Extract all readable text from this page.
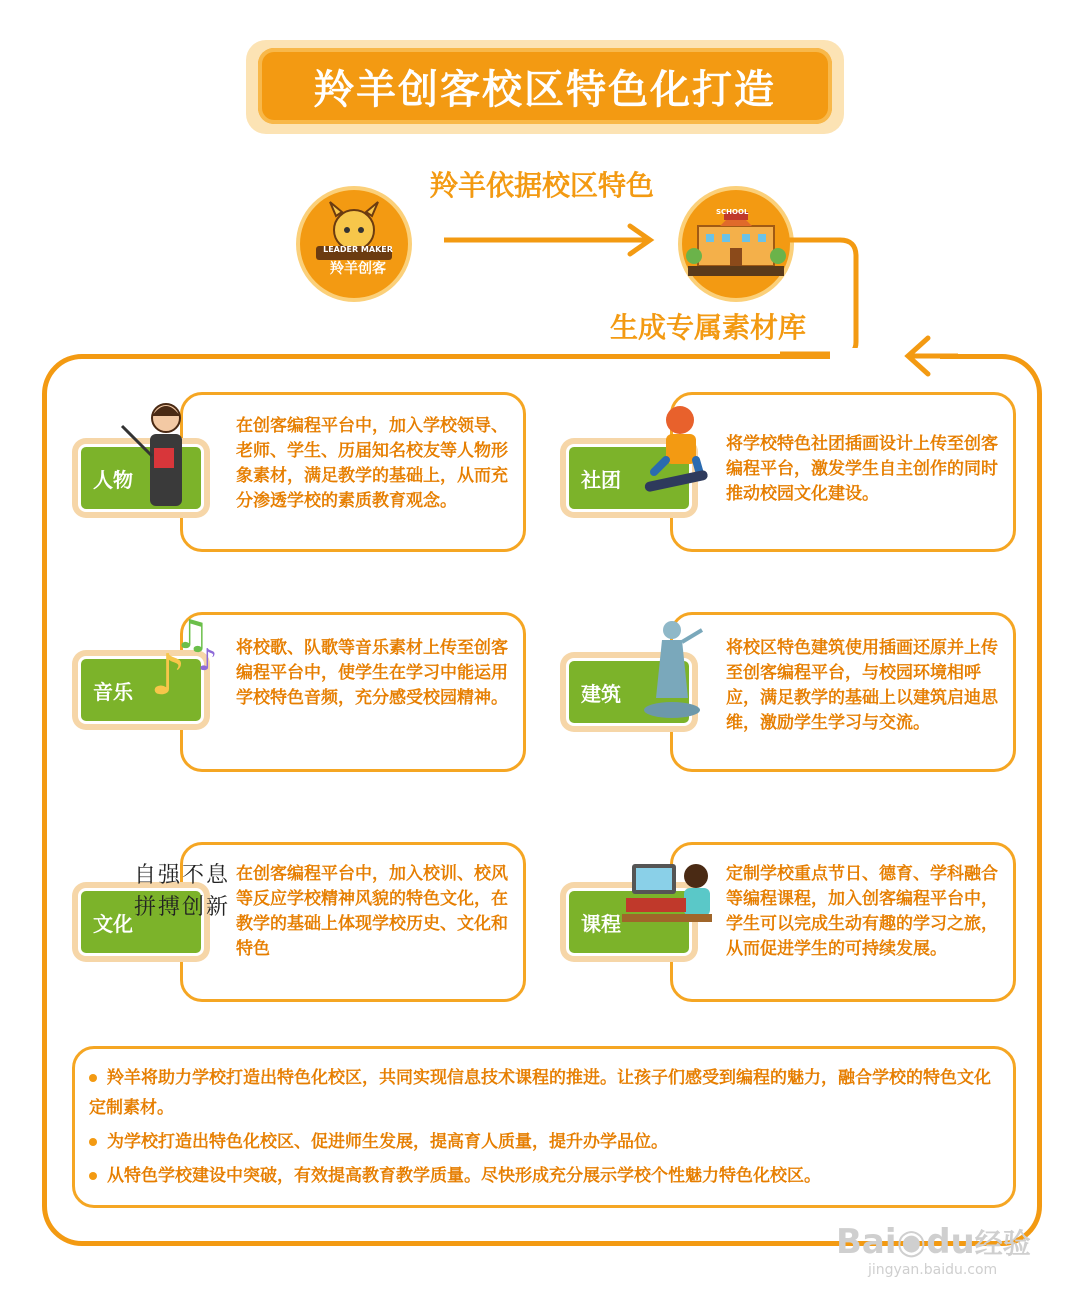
羚羊创客校区特色化打造
LEADER MAKER
羚羊创客
羚羊依据校区特色
SCHOOL
生成专属素材库
在创客编程平台中，加入学校领导、老师、学生、历届知名校友等人物形象素材，满足教学的基础上，从而充分渗透学校的素质教育观念。
人物
将学校特色社团插画设计上传至创客编程平台，激发学生自主创作的同时推动校园文化建设。
社团
将校歌、队歌等音乐素材上传至创客编程平台中，使学生在学习中能运用学校特色音频，充分感受校园精神。
音乐 ♪
♫
♪	将校区特色建筑使用插画还原并上传至创客编程平台，与校园环境相呼应，满足教学的基础上以建筑启迪思维，激励学生学习与交流。
建筑
在创客编程平台中，加入校训、校风等反应学校精神风貌的特色文化，在教学的基础上体现学校历史、文化和特色
文化
自强不息
拼搏创新
定制学校重点节日、德育、学科融合等编程课程，加入创客编程平台中，学生可以完成生动有趣的学习之旅，从而促进学生的可持续发展。
课程
羚羊将助力学校打造出特色化校区，共同实现信息技术课程的推进。让孩子们感受到编程的魅力，融合学校的特色文化定制素材。
为学校打造出特色化校区、促进师生发展，提高育人质量，提升办学品位。
从特色学校建设中突破，有效提高教育教学质量。尽快形成充分展示学校个性魅力特色化校区。
Bai◉du经验
jingyan.baidu.com
